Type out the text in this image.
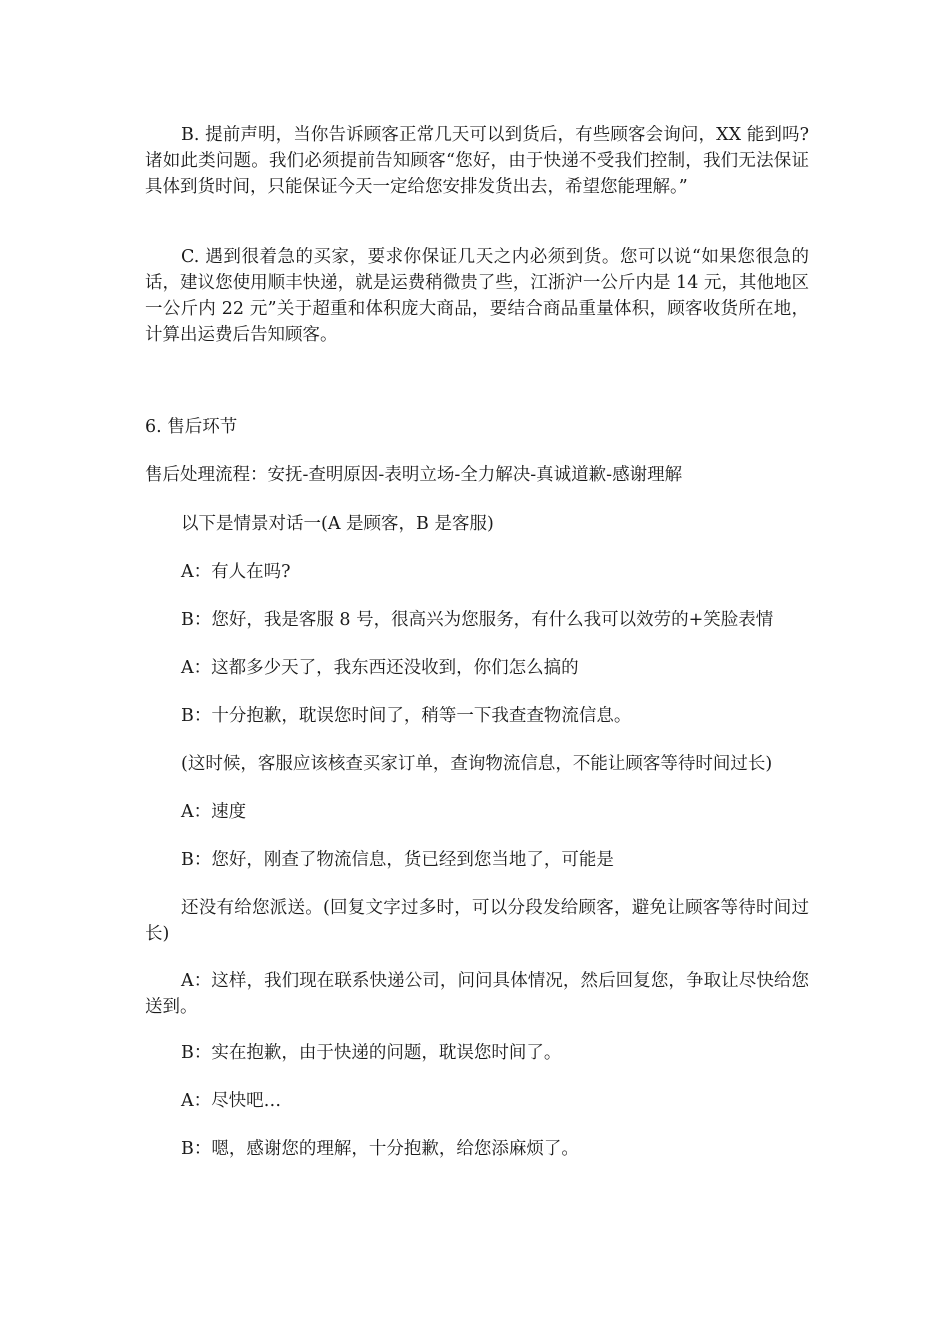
B. 提前声明，当你告诉顾客正常几天可以到货后，有些顾客会询问，XX 能到吗?诸如此类问题。我们必须提前告知顾客“您好，由于快递不受我们控制，我们无法保证具体到货时间，只能保证今天一定给您安排发货出去，希望您能理解。”

C. 遇到很着急的买家，要求你保证几天之内必须到货。您可以说“如果您很急的话，建议您使用顺丰快递，就是运费稍微贵了些，江浙沪一公斤内是 14 元，其他地区一公斤内 22 元”关于超重和体积庞大商品，要结合商品重量体积，顾客收货所在地，计算出运费后告知顾客。

6. 售后环节

售后处理流程：安抚-查明原因-表明立场-全力解决-真诚道歉-感谢理解

以下是情景对话一(A 是顾客，B 是客服)

A：有人在吗?

B：您好，我是客服 8 号，很高兴为您服务，有什么我可以效劳的+笑脸表情

A：这都多少天了，我东西还没收到，你们怎么搞的

B：十分抱歉，耽误您时间了，稍等一下我查查物流信息。

(这时候，客服应该核查买家订单，查询物流信息，不能让顾客等待时间过长)

A：速度

B：您好，刚查了物流信息，货已经到您当地了，可能是

还没有给您派送。(回复文字过多时，可以分段发给顾客，避免让顾客等待时间过长)

A：这样，我们现在联系快递公司，问问具体情况，然后回复您，争取让尽快给您送到。

B：实在抱歉，由于快递的问题，耽误您时间了。

A：尽快吧…

B：嗯，感谢您的理解，十分抱歉，给您添麻烦了。
